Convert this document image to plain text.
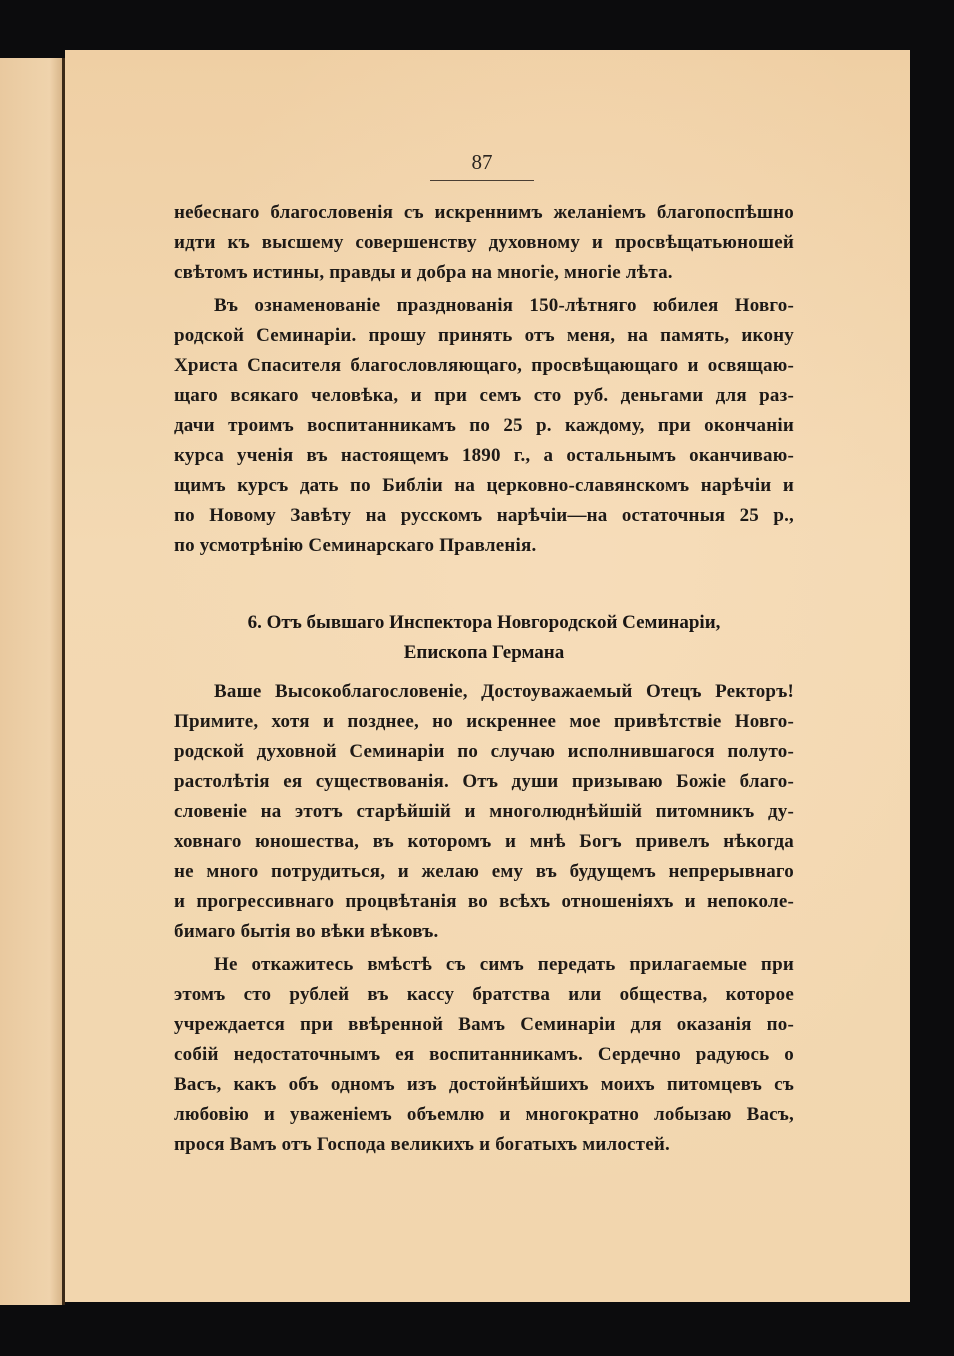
87
небеснаго благословенія съ искреннимъ желаніемъ благопоспѣшно
идти къ высшему совершенству духовному и просвѣщатьюношей
свѣтомъ истины, правды и добра на многіе, многіе лѣта.
Въ ознаменованіе празднованія 150-лѣтняго юбилея Новго-
родской Семинаріи. прошу принять отъ меня, на память, икону
Христа Спасителя благословляющаго, просвѣщающаго и освящаю-
щаго всякаго человѣка, и при семъ сто руб. деньгами для раз-
дачи троимъ воспитанникамъ по 25 р. каждому, при окончаніи
курса ученія въ настоящемъ 1890 г., а остальнымъ оканчиваю-
щимъ курсъ дать по Библіи на церковно-славянскомъ нарѣчіи и
по Новому Завѣту на русскомъ нарѣчіи—на остаточныя 25 р.,
по усмотрѣнію Семинарскаго Правленія.
6. Отъ бывшаго Инспектора Новгородской Семинаріи,
Епископа Германа
Ваше Высокоблагословеніе, Достоуважаемый Отецъ Ректоръ!
Примите, хотя и позднее, но искреннее мое привѣтствіе Новго-
родской духовной Семинаріи по случаю исполнившагося полуто-
растолѣтія ея существованія. Отъ души призываю Божіе благо-
словеніе на этотъ старѣйшій и многолюднѣйшій питомникъ ду-
ховнаго юношества, въ которомъ и мнѣ Богъ привелъ нѣкогда
не много потрудиться, и желаю ему въ будущемъ непрерывнаго
и прогрессивнаго процвѣтанія во всѣхъ отношеніяхъ и непоколе-
бимаго бытія во вѣки вѣковъ.
Не откажитесь вмѣстѣ съ симъ передать прилагаемые при
этомъ сто рублей въ кассу братства или общества, которое
учреждается при ввѣренной Вамъ Семинаріи для оказанія по-
собій недостаточнымъ ея воспитанникамъ. Сердечно радуюсь о
Васъ, какъ объ одномъ изъ достойнѣйшихъ моихъ питомцевъ съ
любовію и уваженіемъ объемлю и многократно лобызаю Васъ,
прося Вамъ отъ Господа великихъ и богатыхъ милостей.
